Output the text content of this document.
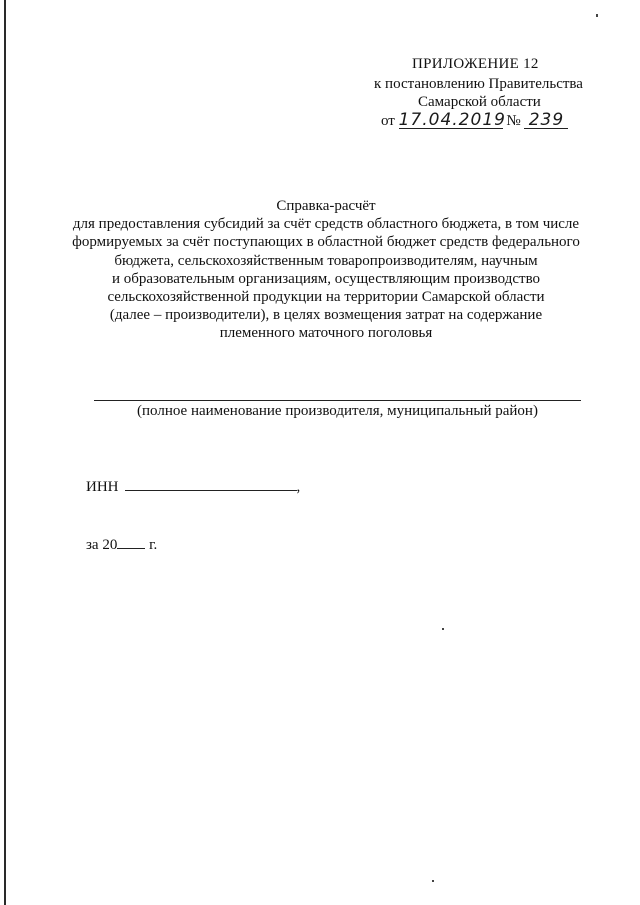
ПРИЛОЖЕНИЕ 12
к постановлению Правительства
Самарской области
от 17.04.2019 № 239
Справка-расчёт
для предоставления субсидий за счёт средств областного бюджета, в том числе
формируемых за счёт поступающих в областной бюджет средств федерального
бюджета, сельскохозяйственным товаропроизводителям, научным
и образовательным организациям, осуществляющим производство
сельскохозяйственной продукции на территории Самарской области
(далее – производители), в целях возмещения затрат на содержание
племенного маточного поголовья
(полное наименование производителя, муниципальный район)
ИНН	,
за 20 г.
